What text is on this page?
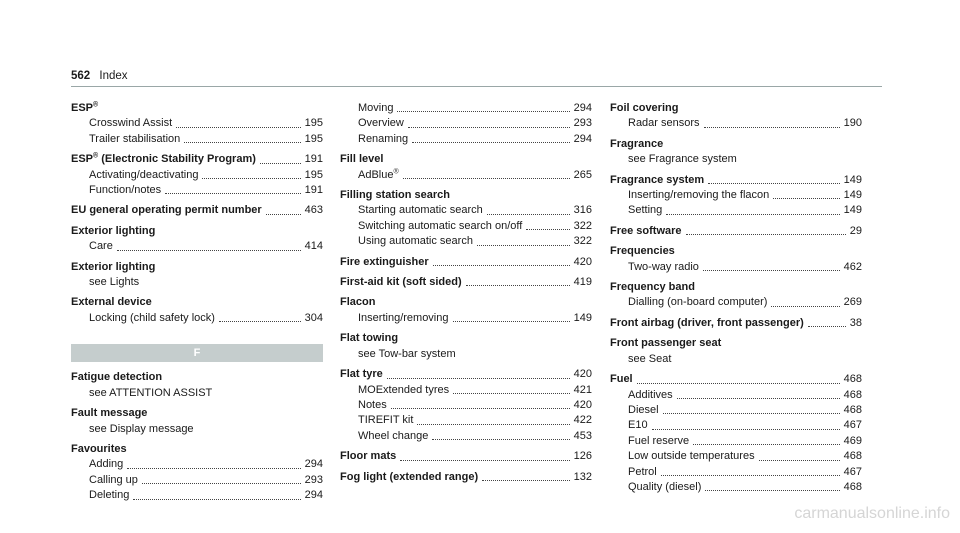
562 Index
ESP®
Crosswind Assist	195
Trailer stabilisation	195
ESP® (Electronic Stability Program)	191
Activating/deactivating	195
Function/notes	191
EU general operating permit number	463
Exterior lighting
Care	414
Exterior lighting
see Lights
External device
Locking (child safety lock)	304
F
Fatigue detection
see ATTENTION ASSIST
Fault message
see Display message
Favourites
Adding	294
Calling up	293
Deleting	294
Moving	294
Overview	293
Renaming	294
Fill level
AdBlue®	265
Filling station search
Starting automatic search	316
Switching automatic search on/off	322
Using automatic search	322
Fire extinguisher	420
First-aid kit (soft sided)	419
Flacon
Inserting/removing	149
Flat towing
see Tow-bar system
Flat tyre	420
MOExtended tyres	421
Notes	420
TIREFIT kit	422
Wheel change	453
Floor mats	126
Fog light (extended range)	132
Foil covering
Radar sensors	190
Fragrance
see Fragrance system
Fragrance system	149
Inserting/removing the flacon	149
Setting	149
Free software	29
Frequencies
Two-way radio	462
Frequency band
Dialling (on-board computer)	269
Front airbag (driver, front passenger)	38
Front passenger seat
see Seat
Fuel	468
Additives	468
Diesel	468
E10	467
Fuel reserve	469
Low outside temperatures	468
Petrol	467
Quality (diesel)	468
carmanualsonline.info
